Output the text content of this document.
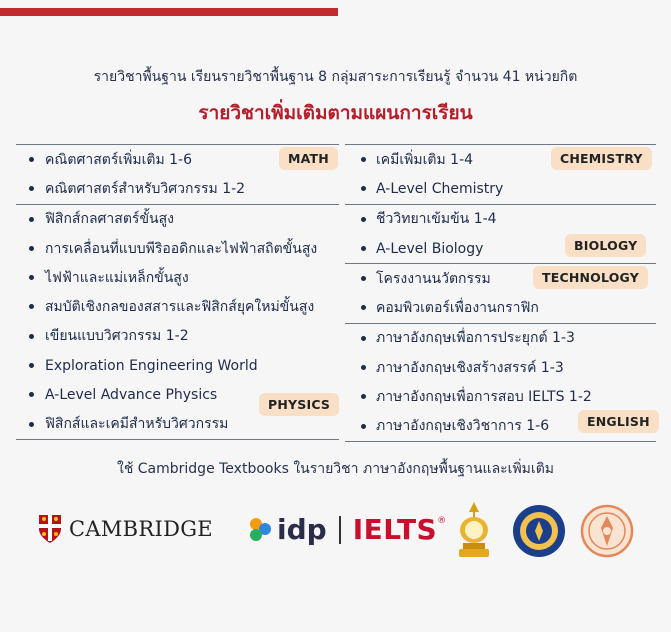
รายวิชาพื้นฐาน เรียนรายวิชาพื้นฐาน 8 กลุ่มสาระการเรียนรู้ จำนวน 41 หน่วยกิต
รายวิชาเพิ่มเติมตามแผนการเรียน
คณิตศาสตร์เพิ่มเติม 1-6
คณิตศาสตร์สำหรับวิศวกรรม 1-2
MATH
ฟิสิกส์กลศาสตร์ขั้นสูง
การเคลื่อนที่แบบพีริออดิกและไฟฟ้าสถิตขั้นสูง
ไฟฟ้าและแม่เหล็กขั้นสูง
สมบัติเชิงกลของสสารและฟิสิกส์ยุคใหม่ขั้นสูง
เขียนแบบวิศวกรรม 1-2
Exploration Engineering World
A-Level Advance Physics
ฟิสิกส์และเคมีสำหรับวิศวกรรม
PHYSICS
เคมีเพิ่มเติม 1-4
A-Level Chemistry
CHEMISTRY
ชีววิทยาเข้มข้น 1-4
A-Level Biology	BIOLOGY
โครงงานนวัตกรรม
คอมพิวเตอร์เพื่องานกราฟิก
TECHNOLOGY
ภาษาอังกฤษเพื่อการประยุกต์ 1-3
ภาษาอังกฤษเชิงสร้างสรรค์ 1-3
ภาษาอังกฤษเพื่อการสอบ IELTS 1-2
ภาษาอังกฤษเชิงวิชาการ 1-6	ENGLISH
ใช้ Cambridge Textbooks ในรายวิชา ภาษาอังกฤษพื้นฐานและเพิ่มเติม
CAMBRIDGE idp IELTS ®
